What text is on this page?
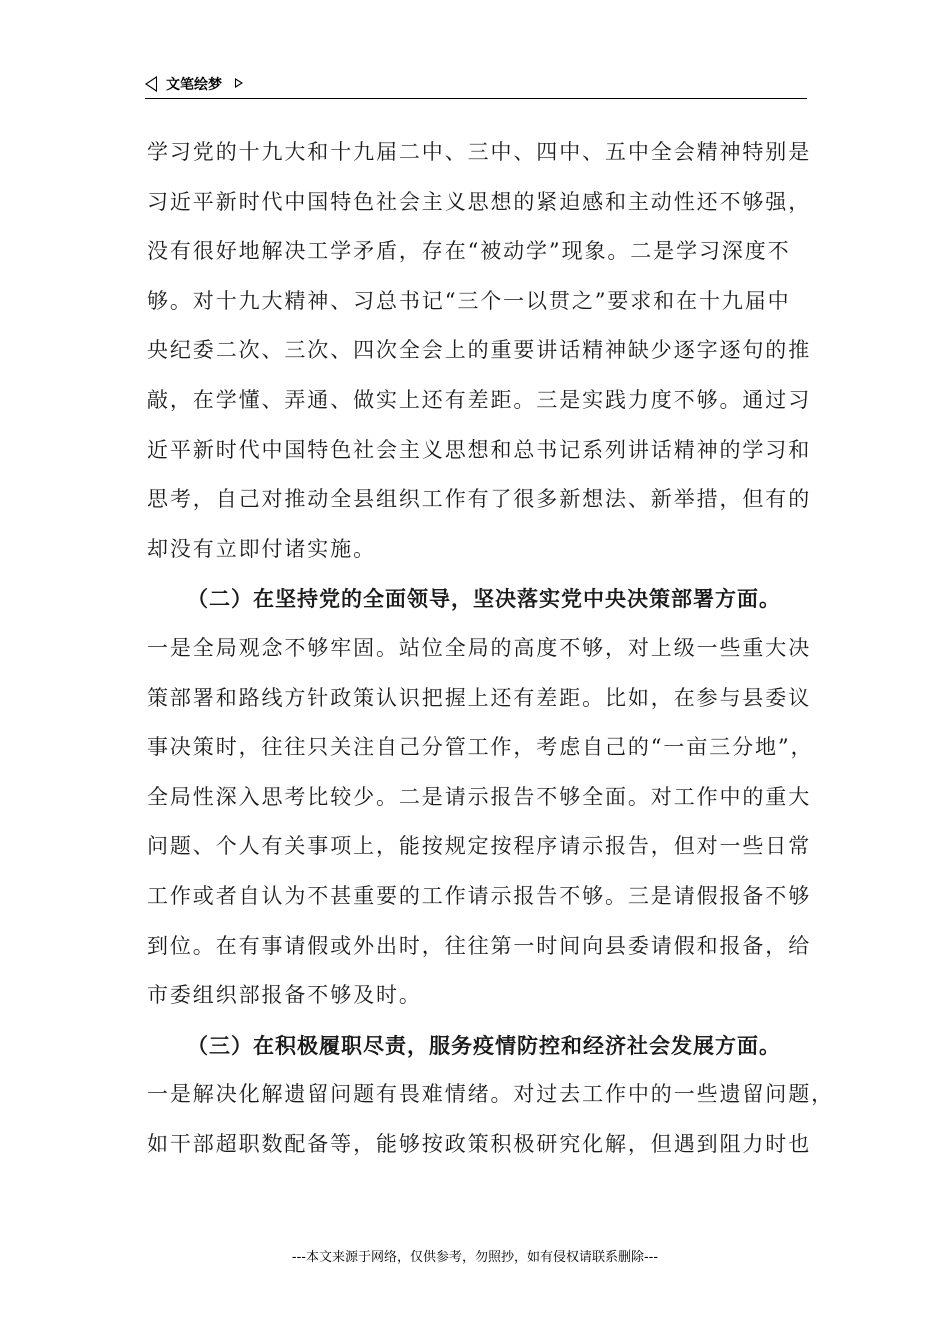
文笔绘梦
学习党的十九大和十九届二中、三中、四中、五中全会精神特别是
习近平新时代中国特色社会主义思想的紧迫感和主动性还不够强，
没有很好地解决工学矛盾，存在“被动学”现象。二是学习深度不
够。对十九大精神、习总书记“三个一以贯之”要求和在十九届中
央纪委二次、三次、四次全会上的重要讲话精神缺少逐字逐句的推
敲，在学懂、弄通、做实上还有差距。三是实践力度不够。通过习
近平新时代中国特色社会主义思想和总书记系列讲话精神的学习和
思考，自己对推动全县组织工作有了很多新想法、新举措，但有的
却没有立即付诸实施。
（二）在坚持党的全面领导，坚决落实党中央决策部署方面。
一是全局观念不够牢固。站位全局的高度不够，对上级一些重大决
策部署和路线方针政策认识把握上还有差距。比如，在参与县委议
事决策时，往往只关注自己分管工作，考虑自己的“一亩三分地”，
全局性深入思考比较少。二是请示报告不够全面。对工作中的重大
问题、个人有关事项上，能按规定按程序请示报告，但对一些日常
工作或者自认为不甚重要的工作请示报告不够。三是请假报备不够
到位。在有事请假或外出时，往往第一时间向县委请假和报备，给
市委组织部报备不够及时。
（三）在积极履职尽责，服务疫情防控和经济社会发展方面。
一是解决化解遗留问题有畏难情绪。对过去工作中的一些遗留问题，
如干部超职数配备等，能够按政策积极研究化解，但遇到阻力时也
---本文来源于网络，仅供参考，勿照抄，如有侵权请联系删除---
